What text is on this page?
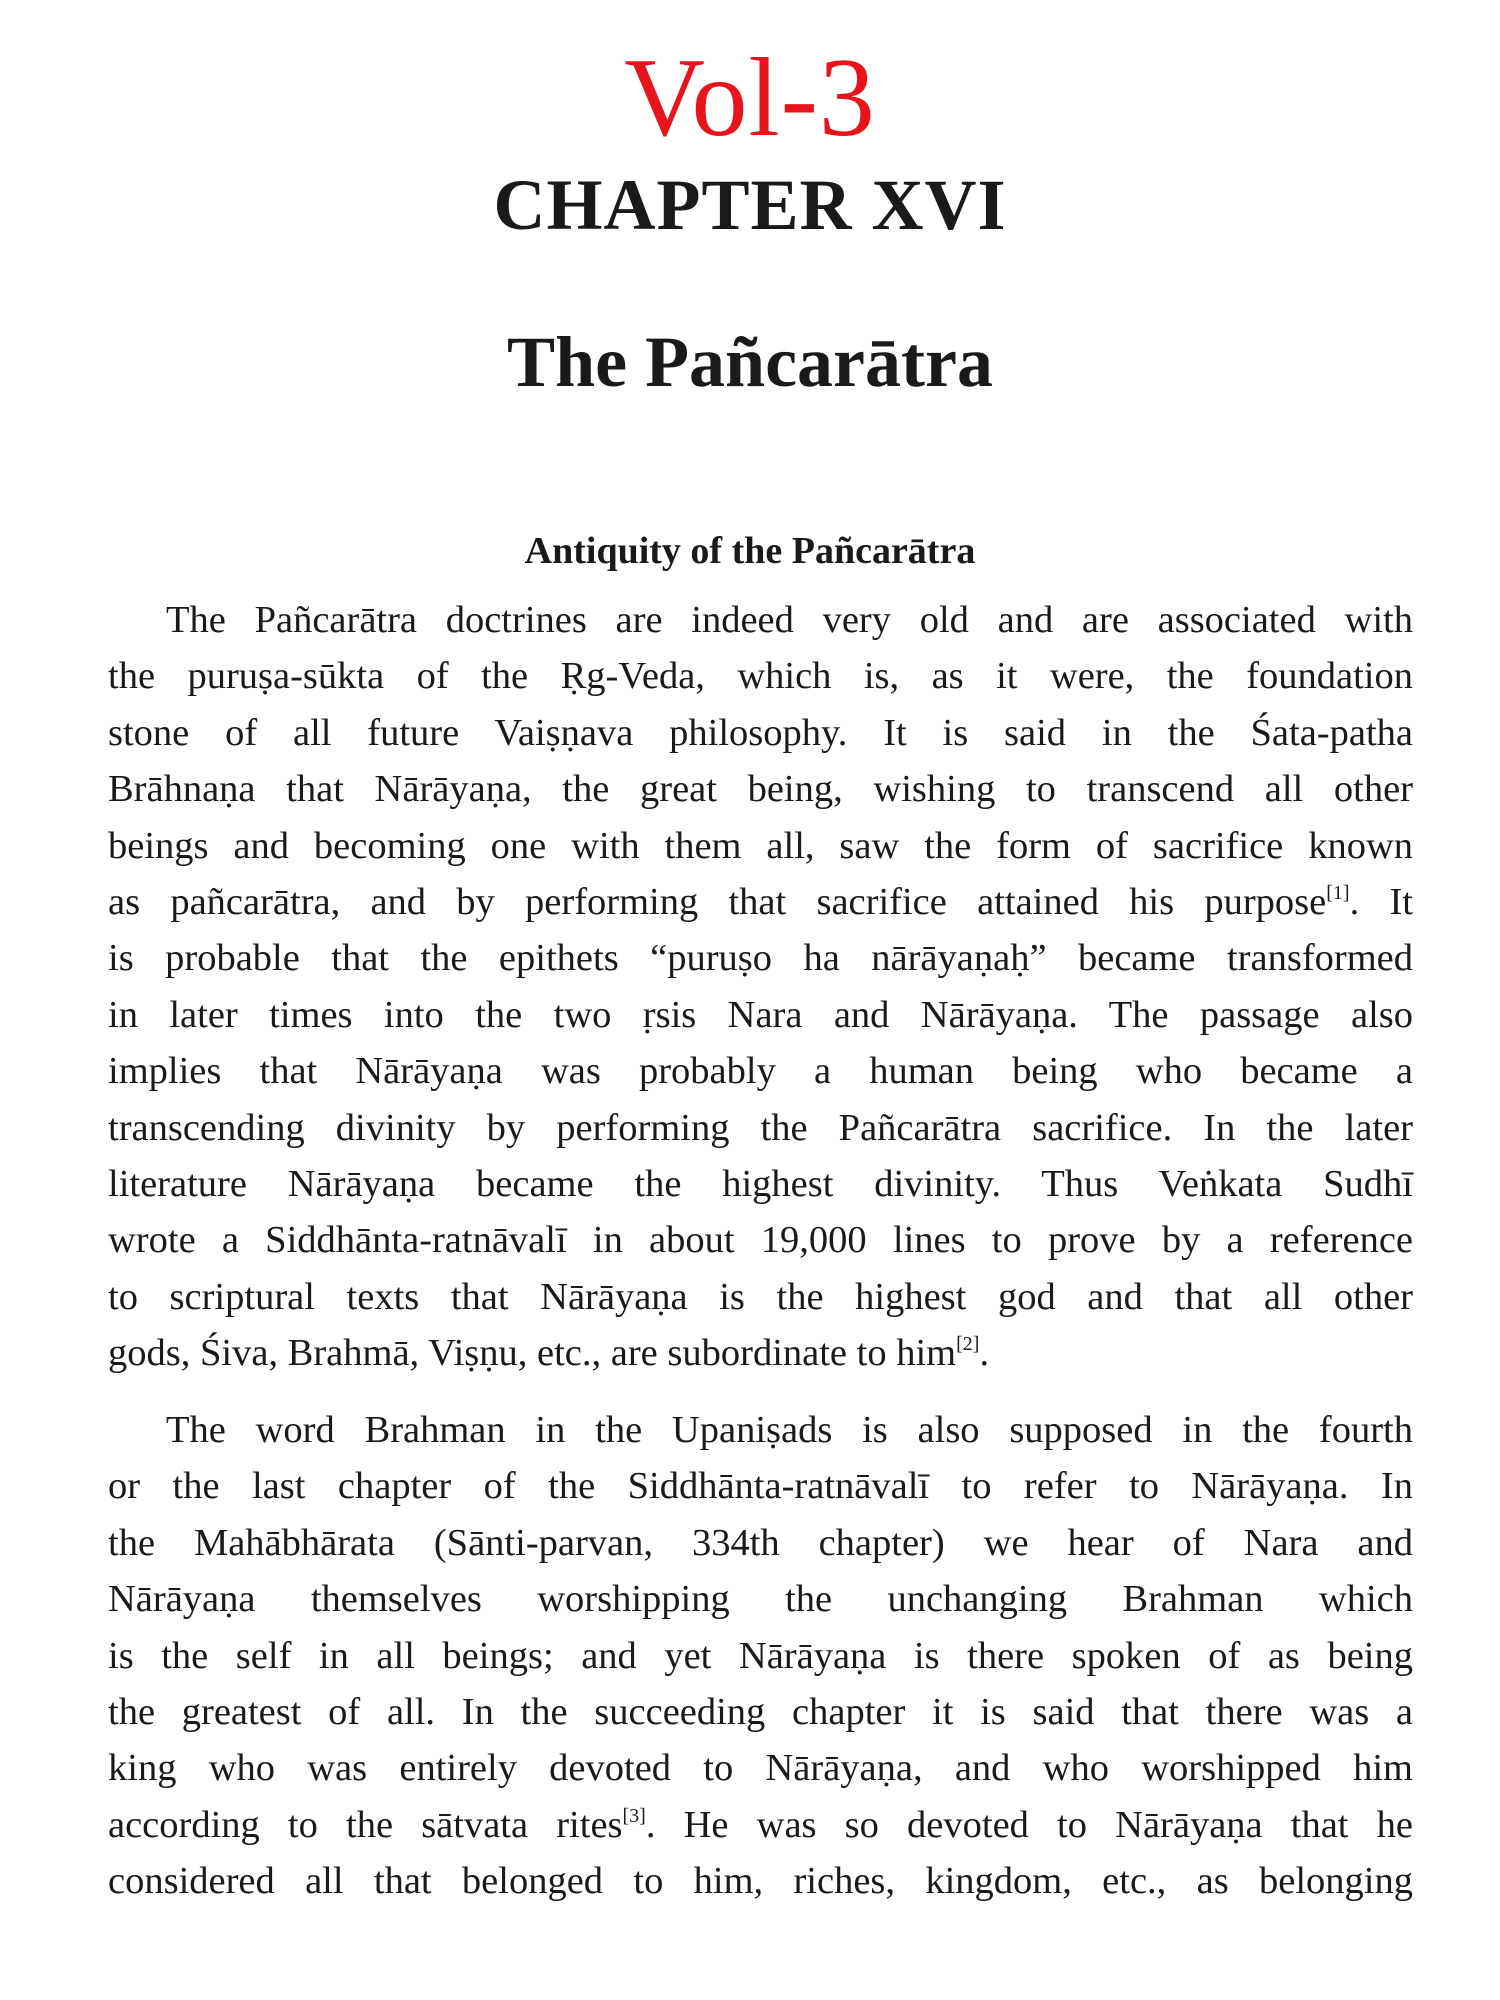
Vol-3
CHAPTER XVI
The Pañcarātra
Antiquity of the Pañcarātra
The Pañcarātra doctrines are indeed very old and are associated with
the puruṣa-sūkta of the Ṛg-Veda, which is, as it were, the foundation
stone of all future Vaiṣṇava philosophy. It is said in the Śata-patha
Brāhnaṇa that Nārāyaṇa, the great being, wishing to transcend all other
beings and becoming one with them all, saw the form of sacrifice known
as pañcarātra, and by performing that sacrifice attained his purpose[1]. It
is probable that the epithets “puruṣo ha nārāyaṇaḥ” became transformed
in later times into the two ṛsis Nara and Nārāyaṇa. The passage also
implies that Nārāyaṇa was probably a human being who became a
transcending divinity by performing the Pañcarātra sacrifice. In the later
literature Nārāyaṇa became the highest divinity. Thus Veṅkata Sudhī
wrote a Siddhānta-ratnāvalī in about 19,000 lines to prove by a reference
to scriptural texts that Nārāyaṇa is the highest god and that all other
gods, Śiva, Brahmā, Viṣṇu, etc., are subordinate to him[2].
The word Brahman in the Upaniṣads is also supposed in the fourth
or the last chapter of the Siddhānta-ratnāvalī to refer to Nārāyaṇa. In
the Mahābhārata (Sānti-parvan, 334th chapter) we hear of Nara and
Nārāyaṇa themselves worshipping the unchanging Brahman which
is the self in all beings; and yet Nārāyaṇa is there spoken of as being
the greatest of all. In the succeeding chapter it is said that there was a
king who was entirely devoted to Nārāyaṇa, and who worshipped him
according to the sātvata rites[3]. He was so devoted to Nārāyaṇa that he
considered all that belonged to him, riches, kingdom, etc., as belonging
